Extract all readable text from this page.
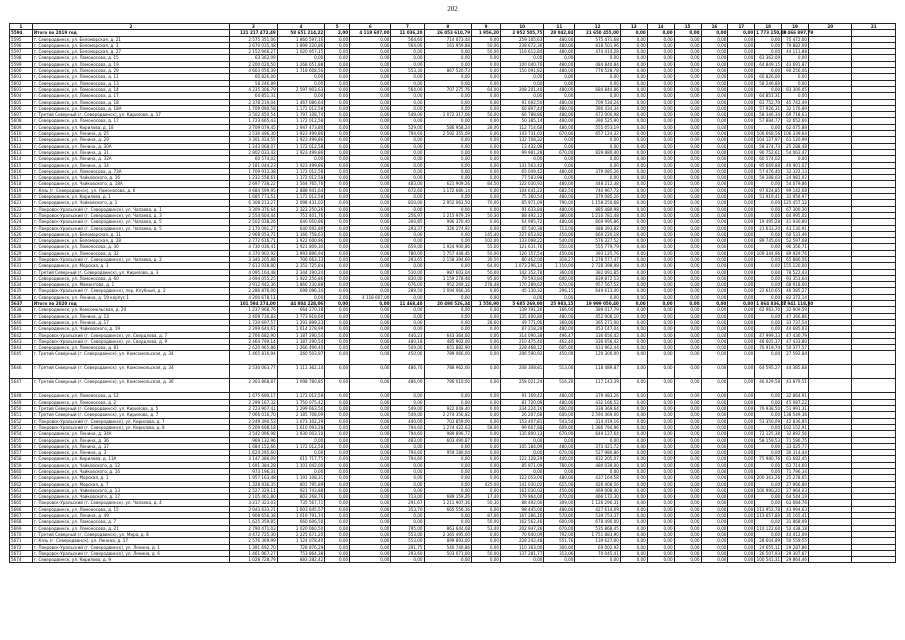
202
1	2	3	4	5	6	7	8	9	10	11	12	13	14	15	16	17	18	19	20	21
5594	Итого по 2019 год	121 217 472,49	58 651 214,22	2,00	4 118 607,00	11 036,20	26 053 610,79	1 956,20	2 952 505,75	28 042,84	21 650 455,00	0,00	0,00	0,00	0,00	0,00	1 773 150,00	2 466 897,79		
5595	г. Северодвинск, ул. Беломорская, д. 21	2 575 351,06	1 860 597,16	0,00	0,00	564,60	714 073,44	0,00	259 105,63	480,00	575 471,68	0,00	0,00	0,00	0,00	0,00	0,00	75 472,00		
5596	г. Северодвинск, ул. Беломорская, д. 3	3 670 035,48	1 899 220,86	0,00	0,00	564,00	161 959,88	50,00	238 672,36	480,00	818 501,96	0,00	0,00	0,00	0,00	0,00	0,00	79 882,09		
5597	г. Северодвинск, ул. Беломорская, д. 27	2 152 966,27	1 020 957,15	0,00	0,00	0,00	0,00	50,00	116 612,84	480,00	474 414,28	0,00	0,00	0,00	0,00	0,00	0,00	44 111,88		
5598	г. Северодвинск, ул. Ломоносова, д. 15	63 362,09	0,00	0,00	0,00	0,00	0,00	0,00	0,00	0,00	0,00	0,00	0,00	0,00	0,00	0,00	63 362,09	0,00		
5599	г. Северодвинск, ул. Ломоносова, д. 19	2 200 020,50	1 268 651,88	0,00	0,00	0,00	0,00	0,00	100 040,76	480,00	484 840,84	0,00	0,00	0,00	0,00	0,00	64 849,15	43 691,87		
5600	г. Северодвинск, ул. Ломоносова, д. 29	4 603 056,39	1 718 608,56	0,00	0,00	553,30	867 520,73	0,00	150 091,82	480,00	776 528,78	0,00	0,00	0,00	0,00	0,00	0,00	90 256,06		
5601	г. Северодвинск, ул. Ломоносова, д. 11	60 826,00	0,00	0,00	0,00	0,00	0,00	0,00	0,00	0,00	0,00	0,00	0,00	0,00	0,00	0,00	60 826,00	0,00		
5602	г. Северодвинск, ул. Ломоносова, д. 13	58 246,89	0,00	0,00	0,00	0,00	0,00	0,00	0,00	0,00	0,00	0,00	0,00	0,00	0,00	0,00	58 246,89	0,00		
5603	г. Северодвинск, ул. Ломоносова, д. 14	4 235 306,79	2 597 903,63	0,00	0,00	564,00	707 275,76	64,00	208 201,40	480,00	684 844,86	0,00	0,00	0,00	0,00	0,00	0,00	83 306,05		
5604	г. Северодвинск, ул. Ломоносова, д. 17	64 851,31	0,00	0,00	0,00	0,00	0,00	0,00	0,00	0,00	0,00	0,00	0,00	0,00	0,00	0,00	64 851,31	0,00		
5605	г. Северодвинск, ул. Ломоносова, д. 18	2 378 219,04	1 467 086,64	0,00	0,00	0,00	0,00	0,00	91 692,50	480,00	709 534,24	0,00	0,00	0,00	0,00	0,00	63 752,70	45 742,49		
5606	г. Северодвинск, ул. Ломоносова, д. 18А	1 709 090,58	1 172 012,58	0,00	0,00	0,00	0,00	0,00	66 897,44	480,00	390 434,34	0,00	0,00	0,00	0,00	0,00	57 926,31	32 176,89		
5607	г. Третий Северный (г. Северодвинск), ул. Кирилова, д. 17	3 502 450,54	1 797 108,74	0,00	0,00	549,00	1 072 317,06	50,00	66 788,86	480,00	472 000,98	0,00	0,00	0,00	0,00	0,00	58 346,34	69 718,63		
5608	г. Северодвинск, ул. Ломоносова, д. 17	1 723 665,43	1 172 012,58	0,00	0,00	0,00	0,00	0,00	50 385,14	480,00	390 525,90	0,00	0,00	0,00	0,00	0,00	57 884,77	32 652,66		
5609	г. Северодвинск, ул. Кирилова, д. 18	3 709 079,45	1 947 473,80	0,00	0,00	529,00	586 958,24	28,00	112 714,68	480,00	555 053,19	0,00	0,00	0,00	0,00	0,00	0,00	62 075,88		
5610	г. Северодвинск, ул. Ленина, д. 25	3 530 496,30	1 923 499,86	0,00	0,00	794,60	2 592 355,09	0,00	143 731,02	670,00	657 124,32	0,00	0,00	0,00	0,00	0,00	106 668,56	106 339,64		
5611	г. Северодвинск, ул. Ленина, д. 29	3 301 424,55	1 923 499,86	0,00	0,00	0,00	0,00	0,00	132 708,32	0,00	0,00	0,00	0,00	0,00	0,00	0,00	104 127,97	61 120,99		
5612	г. Северодвинск, ул. Ленина, д. 30А	1 243 068,07	1 172 012,58	0,00	0,00	0,00	0,00	0,00	13 432,08	0,00	0,00	0,00	0,00	0,00	0,00	0,00	58 374,73	25 288,48		
5613	г. Северодвинск, ул. Ленина, д. 31	2 802 033,42	1 923 499,86	0,00	0,00	0,00	0,00	0,00	99 981,28	670,00	829 880,40	0,00	0,00	0,00	0,00	0,00	90 752,61	54 063,47		
5614	г. Северодвинск, ул. Ленина, д. 32А	60 574,02	0,00	0,00	0,00	0,00	0,00	0,00	0,00	0,00	0,00	0,00	0,00	0,00	0,00	0,00	60 574,02	0,00		
5615	г. Северодвинск, ул. Ленина, д. 34	2 181 044,23	1 923 499,86	0,00	0,00	0,00	0,00	0,00	131 563,42	0,00	0,00	0,00	0,00	0,00	0,00	0,00	95 669,88	40 901,07		
5616	г. Северодвинск, ул. Ломоносова, д. 73А	1 709 913,38	1 172 012,58	0,00	0,00	0,00	0,00	0,00	65 049,42	480,00	379 085,26	0,00	0,00	0,00	0,00	0,00	57 476,40	32 322,13		
5617	г. Северодвинск, ул. Чайковского, д. 16	1 232 558,61	1 172 012,58	0,00	0,00	0,00	0,00	0,00	77 583,98	0,00	0,00	0,00	0,00	0,00	0,00	0,00	59 288,03	24 981,92		
5618	г. Северодвинск, ул. Чайковского, д. 18А	2 697 738,22	1 564 765,76	0,00	0,00	483,00	621 909,26	84,50	122 030,92	480,00	448 212,38	0,00	0,00	0,00	0,00	0,00	0,00	54 079,86		
5619	г. Кязь (г. Северодвинск), ул. Ломоносова, д. 6	4 684 599,95	2 888 941,64	0,00	0,00	672,60	1 172 680,14	0,00	104 641,22	682,50	740 967,72	0,00	0,00	0,00	0,00	0,00	97 624,85	99 142,68		
5620	г. Северодвинск, ул. Кирилова, д. 1	1 685 773,51	1 172 012,58	0,00	0,00	0,00	0,00	0,00	75 360,54	480,00	379 085,26	0,00	0,00	0,00	0,00	0,00	51 919,41	31 959,97		
5621	г. Северодвинск, ул. Чайковского, д. 1	6 308 213,27	2 098 431,02	0,00	0,00	810,00	2 952 063,50	70,00	85 971,09	790,00	1 158 250,68	0,00	0,00	0,00	0,00	0,00	0,00	125 457,12		
5622	г. Покровск-Уральский (г. Северодвинск), ул. Чапаева, д. 1	3 309 376,64	2 322 250,26	0,00	0,00	0,00	0,00	0,00	91 633,84	480,00	885 489,98	0,00	0,00	0,00	0,00	0,00	0,00	67 300,30		
5623	г. Покровск-Уральский (г. Северодвинск), ул. Чапаева, д. 3	2 554 604,44	751 401,76	0,00	0,00	256,97	1 215 979,19	50,30	88 492,12	380,00	1 210 781,48	0,00	0,00	0,00	0,00	0,00	0,00	64 995,02		
5624	г. Покровск-Уральский (г. Северодвинск), ул. Чапаева, д. 5	2 502 038,26	640 050,86	0,00	0,00	300,85	996 370,40	0,00	64 995,72	480,00	669 995,86	0,00	0,00	0,00	0,00	0,00	19 495,28	41 930,80		
5625	г. Покровск-Уральский (г. Северодвинск), ул. Чапаева, д. 5	2 170 091,27	640 692,80	0,00	0,00	293,37	326 274,92	0,00	65 540,38	713,00	488 393,82	0,00	0,00	0,00	0,00	0,00	21 633,20	43 130,91		
5626	г. Северодвинск, ул. Беломорская, д. 11	2 968 053,71	1 166 758,63	0,00	0,00	0,00	0,00	145,40	227 853,82	450,00	660 220,18	0,00	0,00	0,00	0,00	0,00	0,00	60 533,46		
5627	г. Северодвинск, ул. Беломорская, д. 28	2 772 616,71	1 922 600,96	0,00	0,00	0,00	0,00	102,00	133 098,22	540,00	576 327,52	0,00	0,00	0,00	0,00	0,00	89 745,04	52 597,68		
5628	г. Северодвинск, ул. Ломоносова, д. 30	4 730 036,41	1 921 809,30	0,00	0,00	659,00	1 924 900,86	55,00	121 631,76	550,00	555 779,79	0,00	0,00	0,00	0,00	0,00	0,00	96 356,71		
5629	г. Северодвинск, ул. Ломоносова, д. 32	4 370 902,92	1 993 896,94	0,00	0,00	780,00	1 757 448,45	50,00	126 157,54	450,00	393 125,76	0,00	0,00	0,00	0,00	0,00	109 344,96	89 929,76		
5630	г. Покровск-Уральский (г. Северодвинск), ул. Чапаева, д. 2	3 340 205,88	706 663,13	0,00	0,00	293,65	2 158 394,69	30,50	80 462,00	318,27	1 278 577,47	0,00	0,00	0,00	0,00	0,00	0,00	65 886,56		
5631	г. Северодвинск, ул. Морская, д. 1	7 613 028,80	2 352 725,84	0,00	0,00	0,00	0,00	64,00	1 073 296,14	1 110,00	2 728 398,98	0,00	0,00	0,00	0,00	0,00	0,00	155 120,00		
5632	г. Третий Северный (г. Северодвинск), ул. Кирилова, д. 3	4 095 164,48	2 344 190,24	0,00	0,00	510,00	987 603,04	50,00	142 352,78	360,00	382 091,85	0,00	0,00	0,00	0,00	0,00	0,00	78 522,43		
5633	г. Северодвинск, ул. Ломоносова, д. 60	3 694 055,25	1 922 256,86	0,00	0,00	830,00	1 159 278,48	95,00	79 593,84	600,00	839 872,53	0,00	0,00	0,00	0,00	0,00	0,00	93 353,64		
5634	г. Северодвинск, ул. Мамонтова, д. 1	3 912 442,36	1 866 230,88	0,00	0,00	676,00	952 269,12	278,48	170 289,62	670,00	957 567,52	0,00	0,00	0,00	0,00	0,00	0,00	68 918,00		
5635	г. Покровск-Уральский (г. Северодвинск), пер. Клубный, д. 2	2 286 876,00	698 096,34	0,00	0,00	289,50	1 094 066,16	0,00	45 130,32	296,15	649 613,40	0,00	0,00	0,00	0,00	0,00	22 610,65	46 385,27		
5636	г. Северодвинск, ул. Ленина, д. 19 корпус 1	4 200 678,11	0,00	2,00	4 118 607,00	0,00	0,00	0,00	0,00	0,00	0,00	0,00	0,00	0,00	0,00	0,00	0,00	82 372,14		
5637	Итого по 2020 год	101 594 274,00	44 804 228,06	0,00	0,00	11 468,40	20 498 526,34	1 558,90	5 685 269,00	25 983,15	19 999 050,40	0,00	0,00	0,00	0,00	0,00	1 864 836,07	1 941 118,80		
5638	г. Северодвинск, ул. Комсомольская, д. 20	1 237 968,76	664 270,18	0,00	0,00	0,00	0,00	0,00	139 791,26	166,00	389 017,79	0,00	0,00	0,00	0,00	0,00	62 963,70	32 909,59		
5639	г. Северодвинск, ул. Ленина, д. 13	2 409 730,83	1 773 918,60	0,00	0,00	0,00	0,00	0,00	135 400,80	480,00	452 908,10	0,00	0,00	0,00	0,00	0,00	0,00	47 366,86		
5640	г. Северодвинск, ул. Ленина, д. 17	1 720 697,57	1 291 899,23	0,00	0,00	0,00	0,00	28,60	49 771,00	360,00	365 271,00	0,00	0,00	0,00	0,00	0,00	0,00	33 737,54		
5641	г. Северодвинск, ул. Чайковского, д. 19	2 299 644,61	1 614 278,99	0,00	0,00	0,00	0,00	0,00	87 218,28	480,00	453 147,04	0,00	0,00	0,00	0,00	0,00	0,00	44 685,03		
5642	г. Покровск-Уральский (г. Северодвинск), ул. Свердлова, д. 7	2 766 682,90	1 187 290,54	0,00	0,00	440,23	643 364,60	0,00	314 090,38	496,47	336 656,42	0,00	0,00	0,00	0,00	0,00	47 999,33	47 430,79		
5643	г. Покровск-Уральский (г. Северодвинск), ул. Свердлова, д. 9	2 464 799,14	1 187 290,54	0,00	0,00	480,18	485 902,00	0,00	210 475,40	462,40	336 656,42	0,00	0,00	0,00	0,00	0,00	46 605,37	47 433,80		
5644	г. Северодвинск, ул. Ломоносова, д. 81	2 620 965,86	1 266 499,40	0,00	0,00	549,00	651 882,90	0,00	228 468,12	605,00	433 962,44	0,00	0,00	0,00	0,00	0,00	76 919,74	50 377,57		
5645	г. Третий Северный (г. Северодвинск), ул. Комсомольская, д. 34	1 465 816,94	260 503,97	0,00	0,00	450,00	789 066,00	0,00	206 590,92	450,00	120 300,00	0,00	0,00	0,00	0,00	0,00	0,00	27 592,84		
5646	г. Третий Северный (г. Северодвинск), ул. Комсомольская, д. 34	2 530 063,77	1 111 362,14	0,00	0,00	486,70	788 962,00	0,00	208 308,81	513,00	118 489,87	0,00	0,00	0,00	0,00	0,00	64 595,27	44 385,68		
5647	г. Третий Северный (г. Северодвинск), ул. Комсомольская, д. 36	2 303 868,87	1 098 780,85	0,00	0,00	486,00	786 010,00	0,00	258 021,24	516,20	117 143,39	0,00	0,00	0,00	0,00	0,00	46 029,58	43 879,51		
5648	г. Северодвинск, ул. Ломоносова, д. 12	1 675 690,17	1 172 012,58	0,00	0,00	0,00	0,00	0,00	91 169,42	480,00	379 483,26	0,00	0,00	0,00	0,00	0,00	0,00	32 864,91		
5649	г. Северодвинск, ул. Ломоносова, д. 2	2 299 167,32	1 750 075,42	0,00	0,00	0,00	0,00	0,00	81 720,09	480,00	432 166,52	0,00	0,00	0,00	0,00	0,00	0,00	45 087,22		
5650	г. Третий Северный (г. Северодвинск), ул. Кирилова, д. 5	2 723 907,41	1 299 663,50	0,00	0,00	549,00	922 049,40	0,00	234 224,16	600,00	338 369,64	0,00	0,00	0,00	0,00	0,00	76 938,50	51 991,31		
5651	г. Третий Северный (г. Северодвинск), ул. Кирилова, д. 7	7 066 016,70	2 185 708,09	0,00	0,00	549,00	2 274 356,82	0,00	26 207,68	600,00	2 594 469,00	0,00	0,00	0,00	0,00	0,00	0,00	138 549,36		
5652	г. Покровск-Уральский (г. Северодвинск), ул. Кирилова, д. 7	2 249 390,53	1 073 102,29	0,00	0,00	440,00	703 859,00	0,00	153 407,81	543,50	314 419,16	0,00	0,00	0,00	0,00	0,00	53 350,09	42 836,95		
5653	г. Покровск-Уральский (г. Северодвинск), ул. Кирилова, д. 8	5 209 698,18	1 610 093,28	0,00	0,00	794,60	1 274 422,63	58,00	99 607,88	609,00	1 386 794,96	0,00	0,00	0,00	0,00	0,00	0,00	102 152,91		
5654	г. Северодвинск, ул. Ленина, д. 34А	3 542 096,98	1 930 003,10	0,00	0,00	794,60	989 896,77	0,00	135 800,13	670,00	649 127,64	0,00	0,00	0,00	0,00	0,00	72 125,38	32 892,56		
5655	г. Северодвинск, ул. Ленина, д. 36	969 132,96	0,00	0,00	0,00	483,00	603 490,87	0,00	0,00	0,00	0,00	0,00	0,00	0,00	0,00	0,00	58 159,53	71 596,75		
5656	г. Северодвинск, ул. Ленина, д. 37	1 684 152,66	1 172 012,58	0,00	0,00	0,00	0,00	0,00	105 184,09	480,00	373 421,72	0,00	0,00	0,00	0,00	0,00	0,00	33 025,77		
5657	г. Северодвинск, ул. Ленина, д. 3	1 624 295,60	0,00	0,00	0,00	794,60	959 180,04	0,00	0,00	670,00	527 980,86	0,00	0,00	0,00	0,00	0,00	0,00	30 314,44		
5658	г. Северодвинск, ул. Кирилова, д. 13А	3 147 386,09	615 717,75	0,00	0,00	794,60	0,00	0,00	122 128,29	440,00	832 205,07	0,00	0,00	0,00	0,00	0,00	75 980,76	61 682,45		
5659	г. Северодвинск, ул. Чайковского, д. 12	1 691 384,28	1 101 042,00	0,00	0,00	0,00	0,00	0,00	85 971,09	780,00	480 039,00	0,00	0,00	0,00	0,00	0,00	0,00	63 714,60		
5660	г. Северодвинск, ул. Чайковского, д. 16	973 196,31	0,00	0,00	0,00	0,00	0,00	0,00	0,00	0,00	0,00	0,00	0,00	0,00	0,00	0,00	0,00	71 796,34		
5661	г. Северодвинск, ул. Морская, д. 1	1 957 163,48	1 191 108,31	0,00	0,00	0,00	0,00	0,00	122 053,00	480,00	437 164,58	0,00	0,00	0,00	0,00	0,00	200 363,26	25 278,65		
5662	г. Северодвинск, ул. Морская, д. 7	1 328 936,35	801 795,89	0,00	0,00	0,00	0,00	425,00	141 030,02	615,00	426 408,56	0,00	0,00	0,00	0,00	0,00	0,00	27 966,89		
5663	г. Северодвинск, ул. Чайковского, д. 13	2 527 329,11	921 743,88	0,00	0,00	0,00	0,00	0,00	161 030,02	450,00	469 008,40	0,00	0,00	0,00	0,00	0,00	100 990,20	27 964,03		
5664	г. Северодвинск, ул. Чайковского, д. 17	2 105 461,80	803 268,76	0,00	0,00	713,00	689 159,26	17,40	179 964,00	470,00	466 172,30	0,00	0,00	0,00	0,00	0,00	0,00	64 544,19		
5665	г. Покровск-Уральский (г. Северодвинск), ул. Чапаева, д. 4	3 217 323,03	735 567,71	0,00	0,00	291,67	1 211 907,16	50,30	88 492,00	309,00	1 126 296,31	0,00	0,00	0,00	0,00	0,00	0,00	63 084,76		
5666	г. Северодвинск, ул. Ломоносова, д. 15	2 043 633,21	1 003 645,57	0,00	0,00	353,70	665 556,16	0,00	98 445,00	480,00	427 614,09	0,00	0,00	0,00	0,00	0,00	113 952,78	43 994,63		
5667	г. Северодвинск, ул. Ленина, д. 49	1 908 656,38	1 019 791,74	0,00	0,00	0,00	0,00	87,00	167 286,16	570,00	539 753,37	0,00	0,00	0,00	0,00	0,00	113 657,89	35 165,41		
5668	г. Северодвинск, ул. Ломоносова, д. 7	1 625 359,85	660 606,50	0,00	0,00	0,00	0,00	50,00	162 562,46	600,00	678 490,00	0,00	0,00	0,00	0,00	0,00	0,00	31 868,09		
5669	г. Северодвинск, ул. Ломоносова, д. 21	2 790 471,03	1 020 060,50	0,00	0,00	795,00	863 644,68	53,40	202 947,26	670,00	535 868,45	0,00	0,00	0,00	0,00	0,00	110 122,60	52 438,18		
5670	г. Третий Северный (г. Северодвинск), ул. Мира, д. 8	4 472 725,30	2 225 671,20	0,00	0,00	553,00	2 365 495,00	0,00	70 640,09	792,00	1 751 883,90	0,00	0,00	0,00	0,00	0,00	0,00	44 412,09		
5671	г. Кязь (г. Северодвинск), ул. Ленина, д. 17	2 576 369,99	1 124 078,40	0,00	0,00	553,00	899 893,00	0,00	228 242,48	551,76	139 627,00	0,00	0,00	0,00	0,00	0,00	28 604,89	50 559,55		
5672	г. Покровск-Уральский (г. Северодвинск), ул. Ленина, д. 1	1 391 692,70	728 876,29	0,00	0,00	291,75	540 740,86	0,00	110 363,00	300,00	69 002,92	0,00	0,00	0,00	0,00	0,00	24 655,11	29 287,86		
5673	г. Покровск-Уральский (г. Северодвинск), ул. Ленина, д. 6	1 461 967,27	753 864,38	0,00	0,00	293,60	503 071,00	50,00	137 281,77	313,06	70 045,41	0,00	0,00	0,00	0,00	0,00	26 507,93	29 307,87		
5674	г. Северодвинск, ул. Кирилова, д. 9	1 028 728,79	883 282,42	0,00	0,00	0,00	0,00	0,00	0,00	0,00	0,00	0,00	0,00	0,00	0,00	0,00	100 541,31	29 864,46		
